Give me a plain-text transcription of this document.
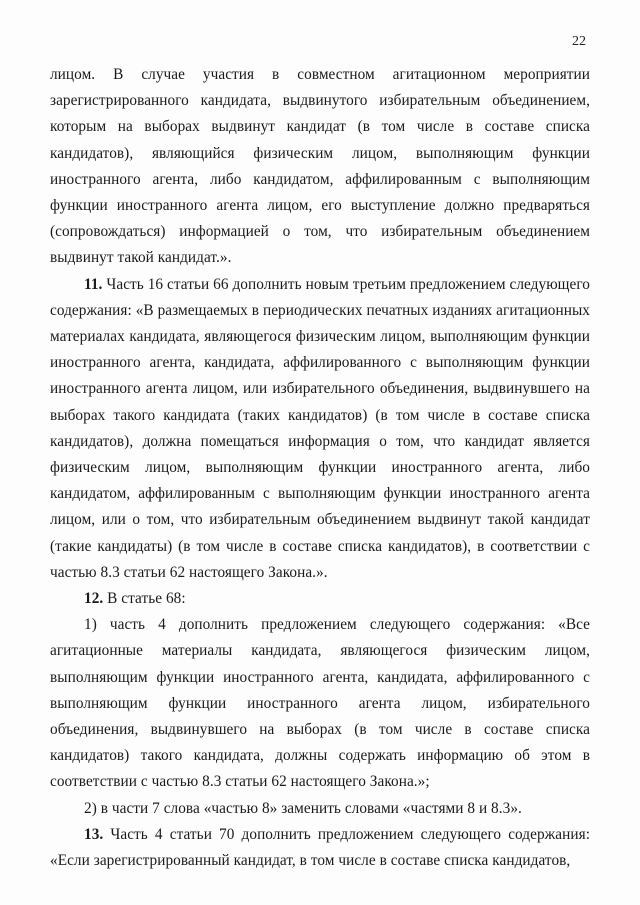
22

лицом. В случае участия в совместном агитационном мероприятии зарегистрированного кандидата, выдвинутого избирательным объединением, которым на выборах выдвинут кандидат (в том числе в составе списка кандидатов), являющийся физическим лицом, выполняющим функции иностранного агента, либо кандидатом, аффилированным с выполняющим функции иностранного агента лицом, его выступление должно предваряться (сопровождаться) информацией о том, что избирательным объединением выдвинут такой кандидат.».

11. Часть 16 статьи 66 дополнить новым третьим предложением следующего содержания: «В размещаемых в периодических печатных изданиях агитационных материалах кандидата, являющегося физическим лицом, выполняющим функции иностранного агента, кандидата, аффилированного с выполняющим функции иностранного агента лицом, или избирательного объединения, выдвинувшего на выборах такого кандидата (таких кандидатов) (в том числе в составе списка кандидатов), должна помещаться информация о том, что кандидат является физическим лицом, выполняющим функции иностранного агента, либо кандидатом, аффилированным с выполняющим функции иностранного агента лицом, или о том, что избирательным объединением выдвинут такой кандидат (такие кандидаты) (в том числе в составе списка кандидатов), в соответствии с частью 8.3 статьи 62 настоящего Закона.».

12. В статье 68:

1) часть 4 дополнить предложением следующего содержания: «Все агитационные материалы кандидата, являющегося физическим лицом, выполняющим функции иностранного агента, кандидата, аффилированного с выполняющим функции иностранного агента лицом, избирательного объединения, выдвинувшего на выборах (в том числе в составе списка кандидатов) такого кандидата, должны содержать информацию об этом в соответствии с частью 8.3 статьи 62 настоящего Закона.»;

2) в части 7 слова «частью 8» заменить словами «частями 8 и 8.3».

13. Часть 4 статьи 70 дополнить предложением следующего содержания: «Если зарегистрированный кандидат, в том числе в составе списка кандидатов,
